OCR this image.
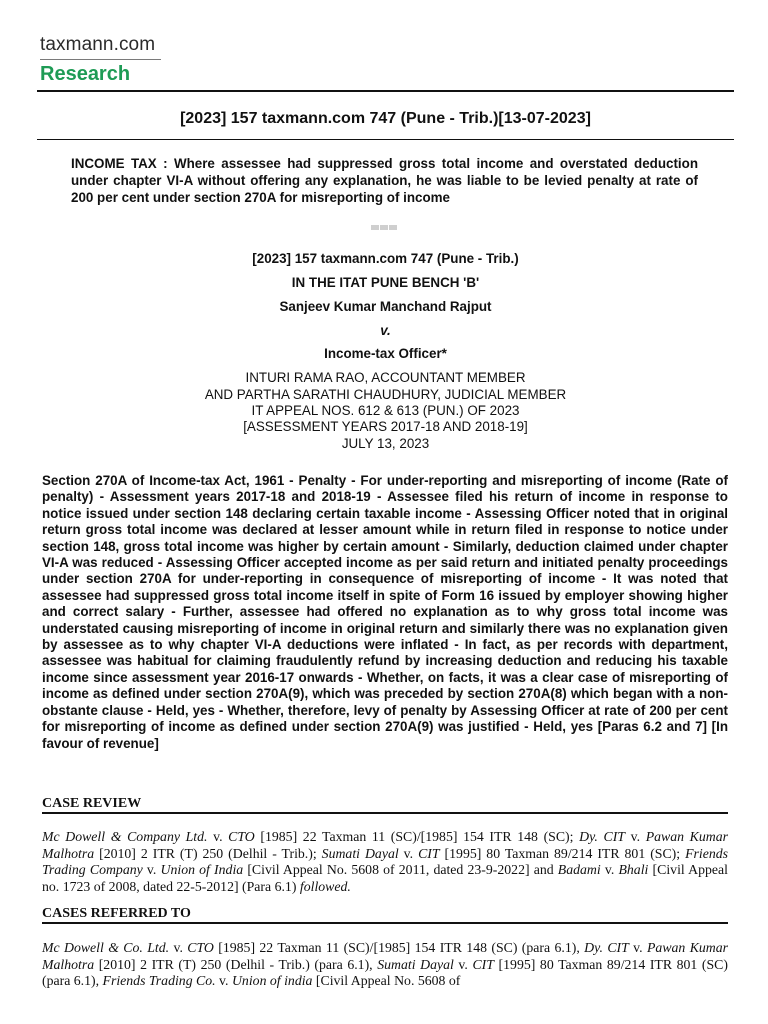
taxmann.com
Research
[2023] 157 taxmann.com 747 (Pune - Trib.)[13-07-2023]
INCOME TAX : Where assessee had suppressed gross total income and overstated deduction under chapter VI-A without offering any explanation, he was liable to be levied penalty at rate of 200 per cent under section 270A for misreporting of income
[2023] 157 taxmann.com 747 (Pune - Trib.)
IN THE ITAT PUNE BENCH 'B'
Sanjeev Kumar Manchand Rajput
v.
Income-tax Officer*
INTURI RAMA RAO, ACCOUNTANT MEMBER
AND PARTHA SARATHI CHAUDHURY, JUDICIAL MEMBER
IT APPEAL NOS. 612 & 613 (PUN.) OF 2023
[ASSESSMENT YEARS 2017-18 AND 2018-19]
JULY 13, 2023
Section 270A of Income-tax Act, 1961 - Penalty - For under-reporting and misreporting of income (Rate of penalty) - Assessment years 2017-18 and 2018-19 - Assessee filed his return of income in response to notice issued under section 148 declaring certain taxable income - Assessing Officer noted that in original return gross total income was declared at lesser amount while in return filed in response to notice under section 148, gross total income was higher by certain amount - Similarly, deduction claimed under chapter VI-A was reduced - Assessing Officer accepted income as per said return and initiated penalty proceedings under section 270A for under-reporting in consequence of misreporting of income - It was noted that assessee had suppressed gross total income itself in spite of Form 16 issued by employer showing higher and correct salary - Further, assessee had offered no explanation as to why gross total income was understated causing misreporting of income in original return and similarly there was no explanation given by assessee as to why chapter VI-A deductions were inflated - In fact, as per records with department, assessee was habitual for claiming fraudulently refund by increasing deduction and reducing his taxable income since assessment year 2016-17 onwards - Whether, on facts, it was a clear case of misreporting of income as defined under section 270A(9), which was preceded by section 270A(8) which began with a non-obstante clause - Held, yes - Whether, therefore, levy of penalty by Assessing Officer at rate of 200 per cent for misreporting of income as defined under section 270A(9) was justified - Held, yes [Paras 6.2 and 7] [In favour of revenue]
CASE REVIEW
Mc Dowell & Company Ltd. v. CTO [1985] 22 Taxman 11 (SC)/[1985] 154 ITR 148 (SC); Dy. CIT v. Pawan Kumar Malhotra [2010] 2 ITR (T) 250 (Delhil - Trib.); Sumati Dayal v. CIT [1995] 80 Taxman 89/214 ITR 801 (SC); Friends Trading Company v. Union of India [Civil Appeal No. 5608 of 2011, dated 23-9-2022] and Badami v. Bhali [Civil Appeal no. 1723 of 2008, dated 22-5-2012] (Para 6.1) followed.
CASES REFERRED TO
Mc Dowell & Co. Ltd. v. CTO [1985] 22 Taxman 11 (SC)/[1985] 154 ITR 148 (SC) (para 6.1), Dy. CIT v. Pawan Kumar Malhotra [2010] 2 ITR (T) 250 (Delhil - Trib.) (para 6.1), Sumati Dayal v. CIT [1995] 80 Taxman 89/214 ITR 801 (SC) (para 6.1), Friends Trading Co. v. Union of india [Civil Appeal No. 5608 of
